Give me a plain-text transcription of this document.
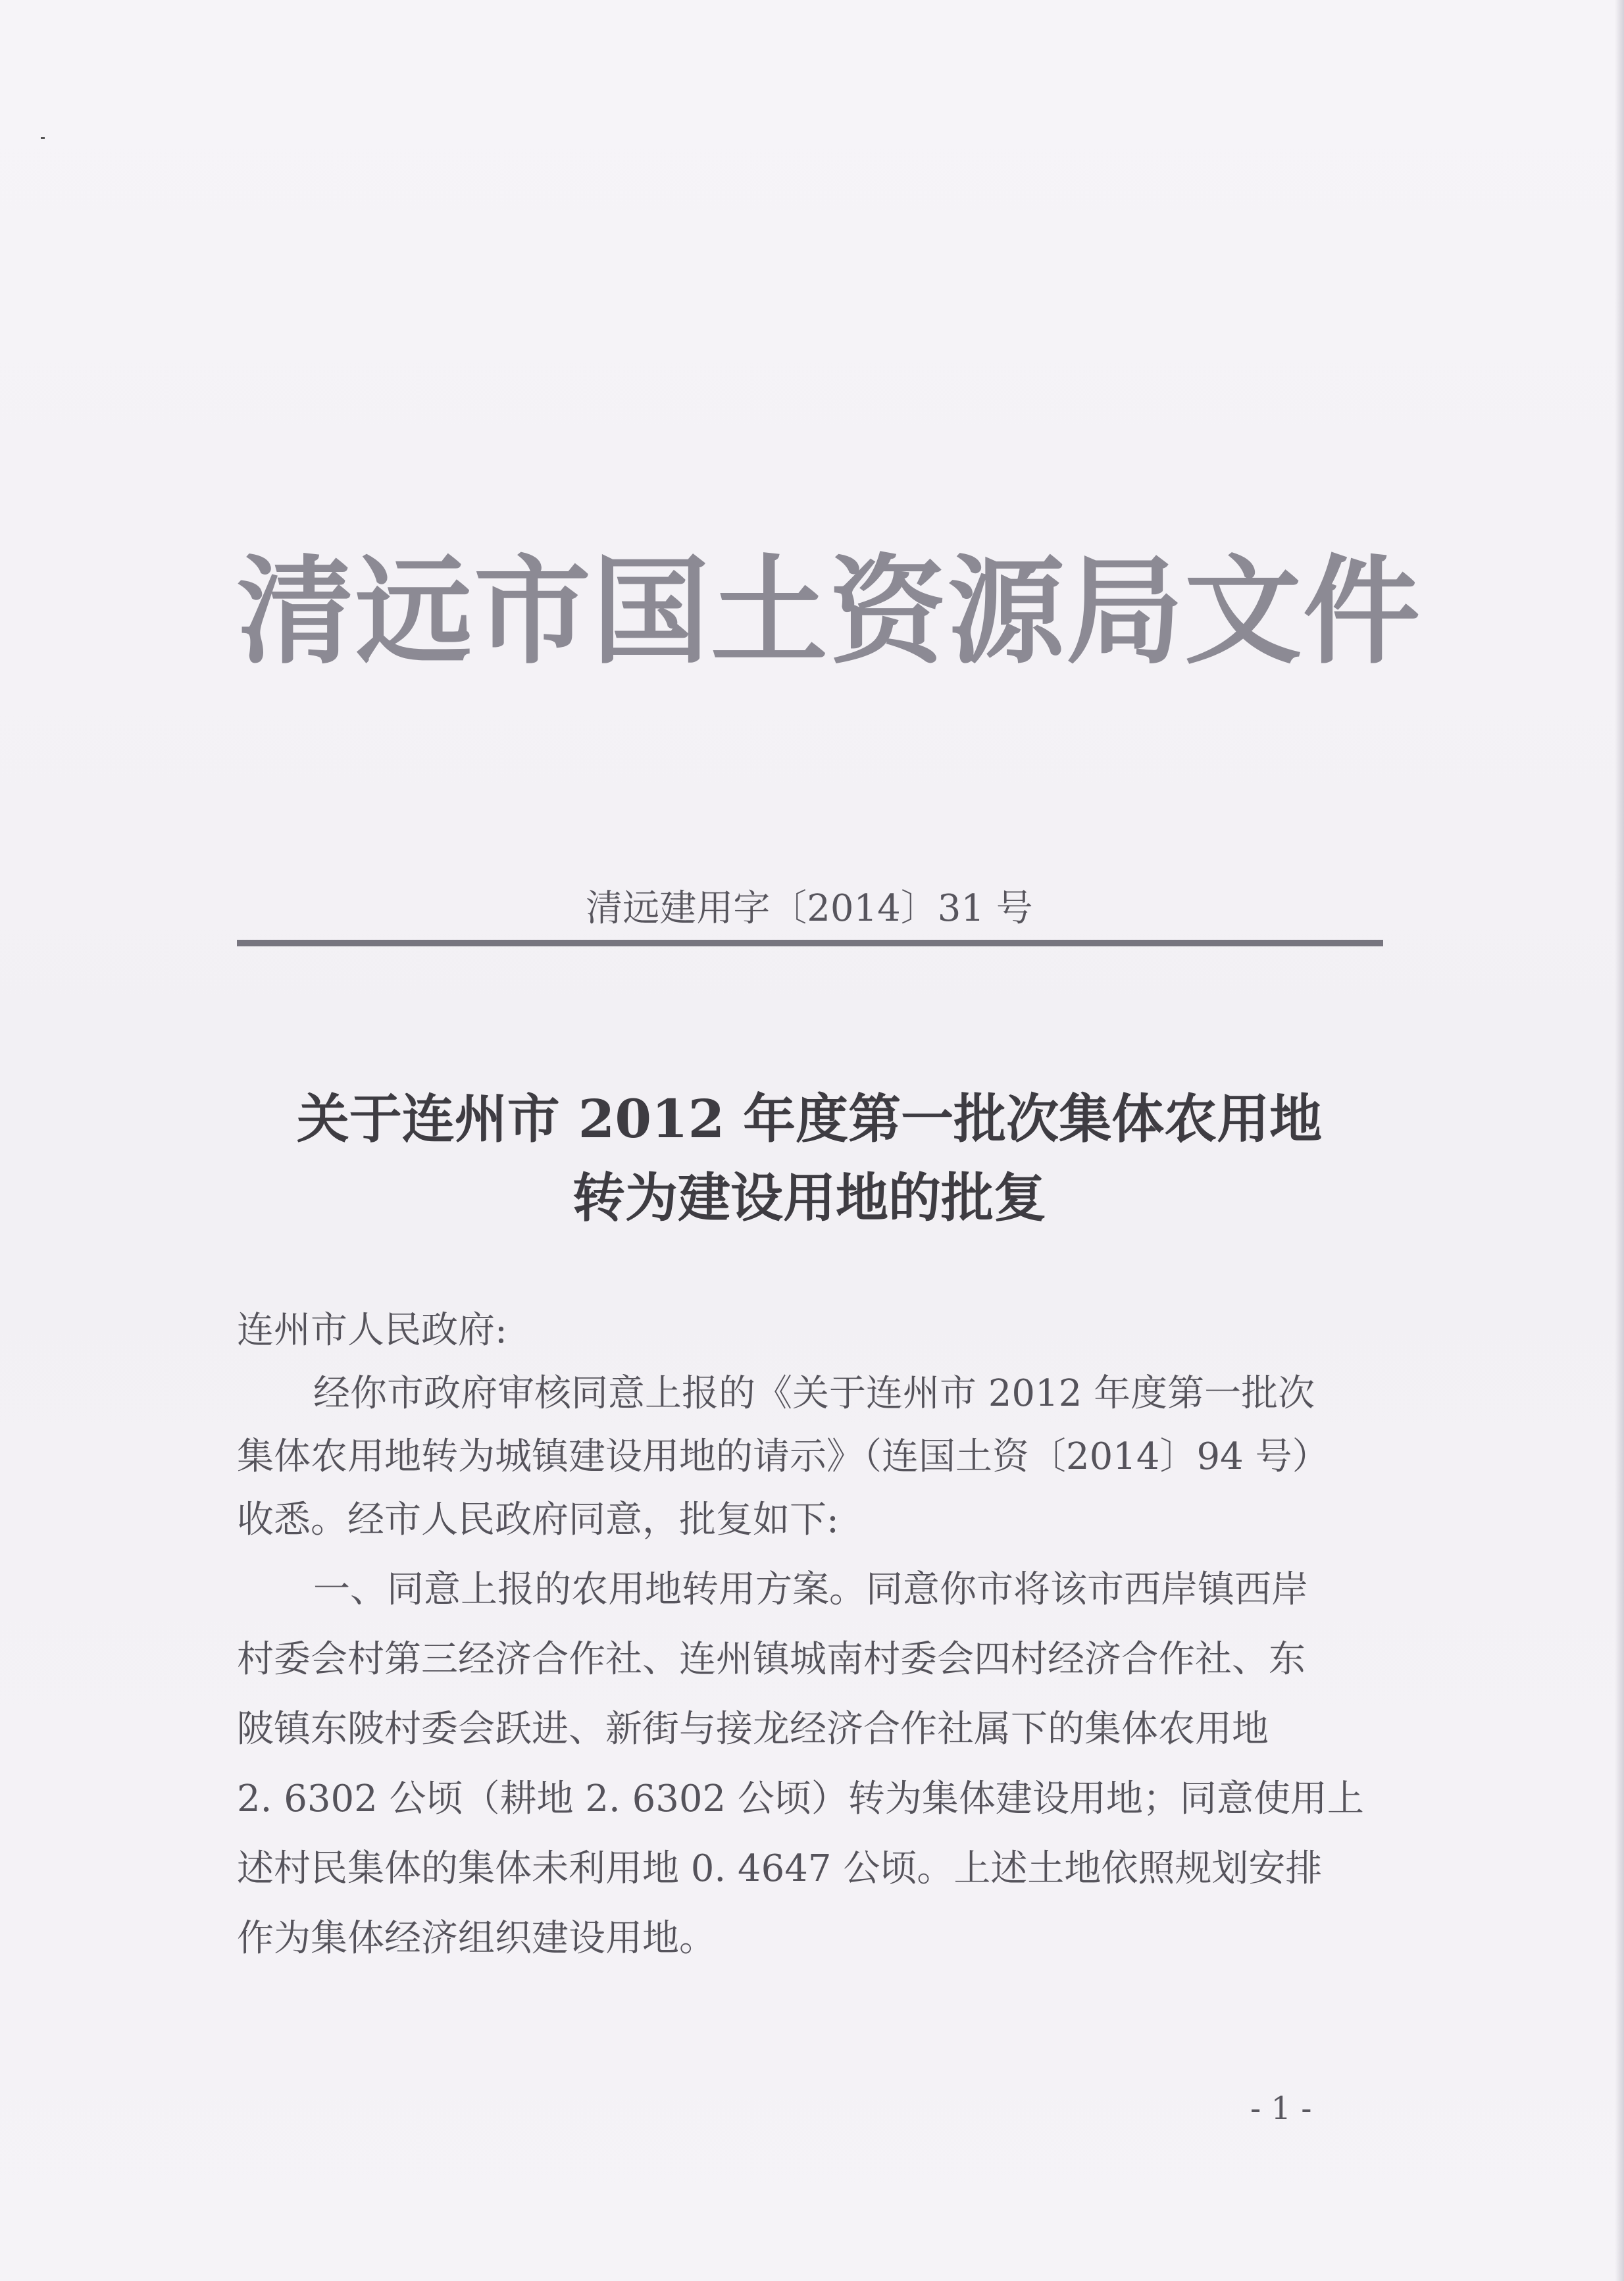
清远市国土资源局文件
清远建用字〔2014〕31 号
关于连州市 2012 年度第一批次集体农用地
转为建设用地的批复
连州市人民政府:
经你市政府审核同意上报的《关于连州市 2012 年度第一批次
集体农用地转为城镇建设用地的请示》（连国土资〔2014〕94 号）
收悉。经市人民政府同意，批复如下:
一、同意上报的农用地转用方案。同意你市将该市西岸镇西岸
村委会村第三经济合作社、连州镇城南村委会四村经济合作社、东
陂镇东陂村委会跃进、新街与接龙经济合作社属下的集体农用地
2. 6302 公顷（耕地 2. 6302 公顷）转为集体建设用地；同意使用上
述村民集体的集体未利用地 0. 4647 公顷。上述土地依照规划安排
作为集体经济组织建设用地。
- 1 -
